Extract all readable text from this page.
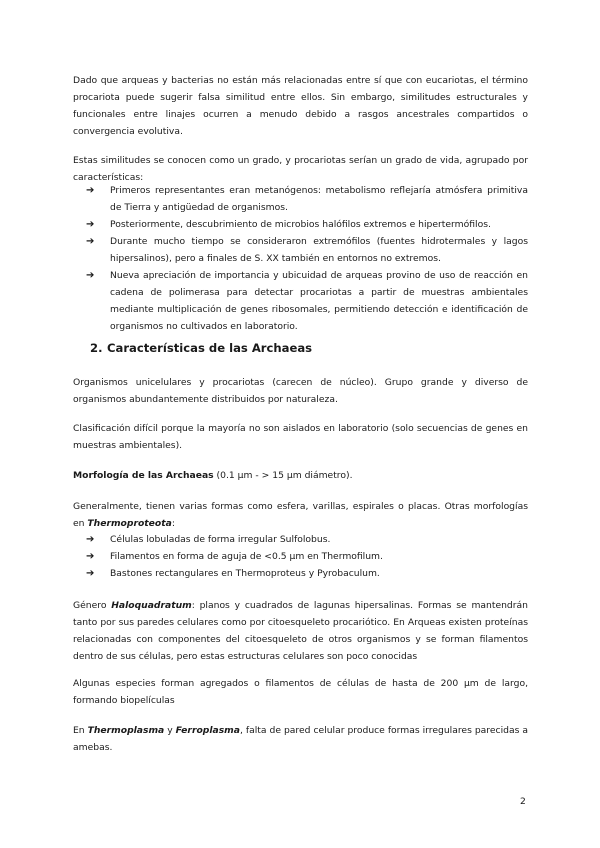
Dado que arqueas y bacterias no están más relacionadas entre sí que con eucariotas, el término procariota puede sugerir falsa similitud entre ellos. Sin embargo, similitudes estructurales y funcionales entre linajes ocurren a menudo debido a rasgos ancestrales compartidos o convergencia evolutiva.

Estas similitudes se conocen como un grado, y procariotas serían un grado de vida, agrupado por características:

➔ Primeros representantes eran metanógenos: metabolismo reflejaría atmósfera primitiva de Tierra y antigüedad de organismos.
➔ Posteriormente, descubrimiento de microbios halófilos extremos e hipertermófilos.
➔ Durante mucho tiempo se consideraron extremófilos (fuentes hidrotermales y lagos hipersalinos), pero a finales de S. XX también en entornos no extremos.
➔ Nueva apreciación de importancia y ubicuidad de arqueas provino de uso de reacción en cadena de polimerasa para detectar procariotas a partir de muestras ambientales mediante multiplicación de genes ribosomales, permitiendo detección e identificación de organismos no cultivados en laboratorio.
2. Características de las Archaeas

Organismos unicelulares y procariotas (carecen de núcleo). Grupo grande y diverso de organismos abundantemente distribuidos por naturaleza.

Clasificación difícil porque la mayoría no son aislados en laboratorio (solo secuencias de genes en muestras ambientales).

Morfología de las Archaeas (0.1 µm - > 15 µm diámetro).

Generalmente, tienen varias formas como esfera, varillas, espirales o placas. Otras morfologías en Thermoproteota:

➔ Células lobuladas de forma irregular Sulfolobus.
➔ Filamentos en forma de aguja de <0.5 µm en Thermofilum.
➔ Bastones rectangulares en Thermoproteus y Pyrobaculum.

Género Haloquadratum: planos y cuadrados de lagunas hipersalinas. Formas se mantendrán tanto por sus paredes celulares como por citoesqueleto procariótico. En Arqueas existen proteínas relacionadas con componentes del citoesqueleto de otros organismos y se forman filamentos dentro de sus células, pero estas estructuras celulares son poco conocidas

Algunas especies forman agregados o filamentos de células de hasta de 200 µm de largo, formando biopelículas

En Thermoplasma y Ferroplasma, falta de pared celular produce formas irregulares parecidas a amebas.

2
